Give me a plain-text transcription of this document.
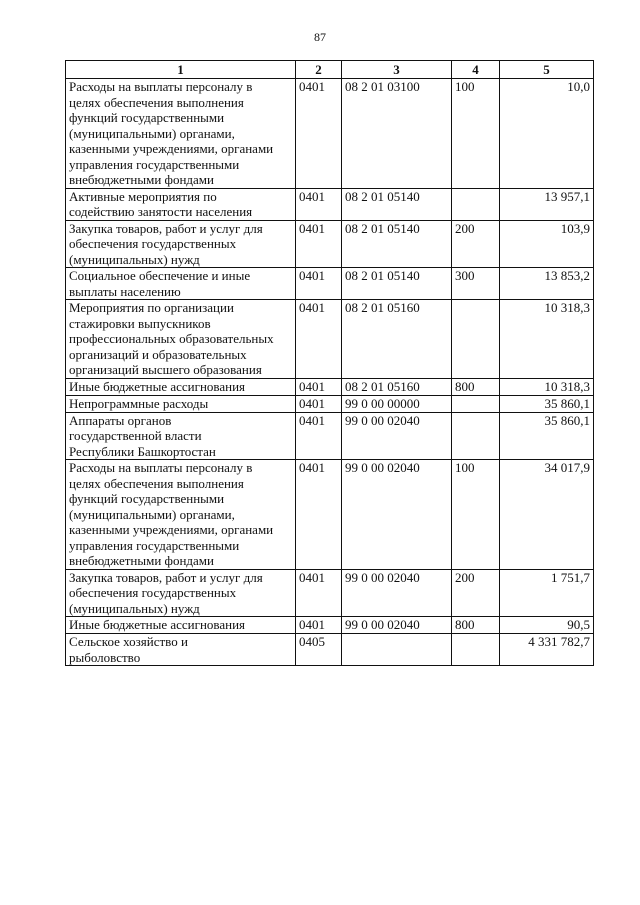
87
1	2	3	4	5

Расходы на выплаты персоналу в целях обеспечения выполнения функций государственными (муниципальными) органами, казенными учреждениями, органами управления государственными внебюджетными фондами	0401	08 2 01 03100	100	10,0

Активные мероприятия по содействию занятости населения	0401	08 2 01 05140		13 957,1

Закупка товаров, работ и услуг для обеспечения государственных (муниципальных) нужд	0401	08 2 01 05140	200	103,9

Социальное обеспечение и иные выплаты населению	0401	08 2 01 05140	300	13 853,2

Мероприятия по организации стажировки выпускников профессиональных образовательных организаций и образовательных организаций высшего образования	0401	08 2 01 05160		10 318,3

Иные бюджетные ассигнования	0401	08 2 01 05160	800	10 318,3

Непрограммные расходы	0401	99 0 00 00000		35 860,1

Аппараты органов государственной власти Республики Башкортостан	0401	99 0 00 02040		35 860,1

Расходы на выплаты персоналу в целях обеспечения выполнения функций государственными (муниципальными) органами, казенными учреждениями, органами управления государственными внебюджетными фондами	0401	99 0 00 02040	100	34 017,9

Закупка товаров, работ и услуг для обеспечения государственных (муниципальных) нужд	0401	99 0 00 02040	200	1 751,7

Иные бюджетные ассигнования	0401	99 0 00 02040	800	90,5

Сельское хозяйство и рыболовство	0405			4 331 782,7
